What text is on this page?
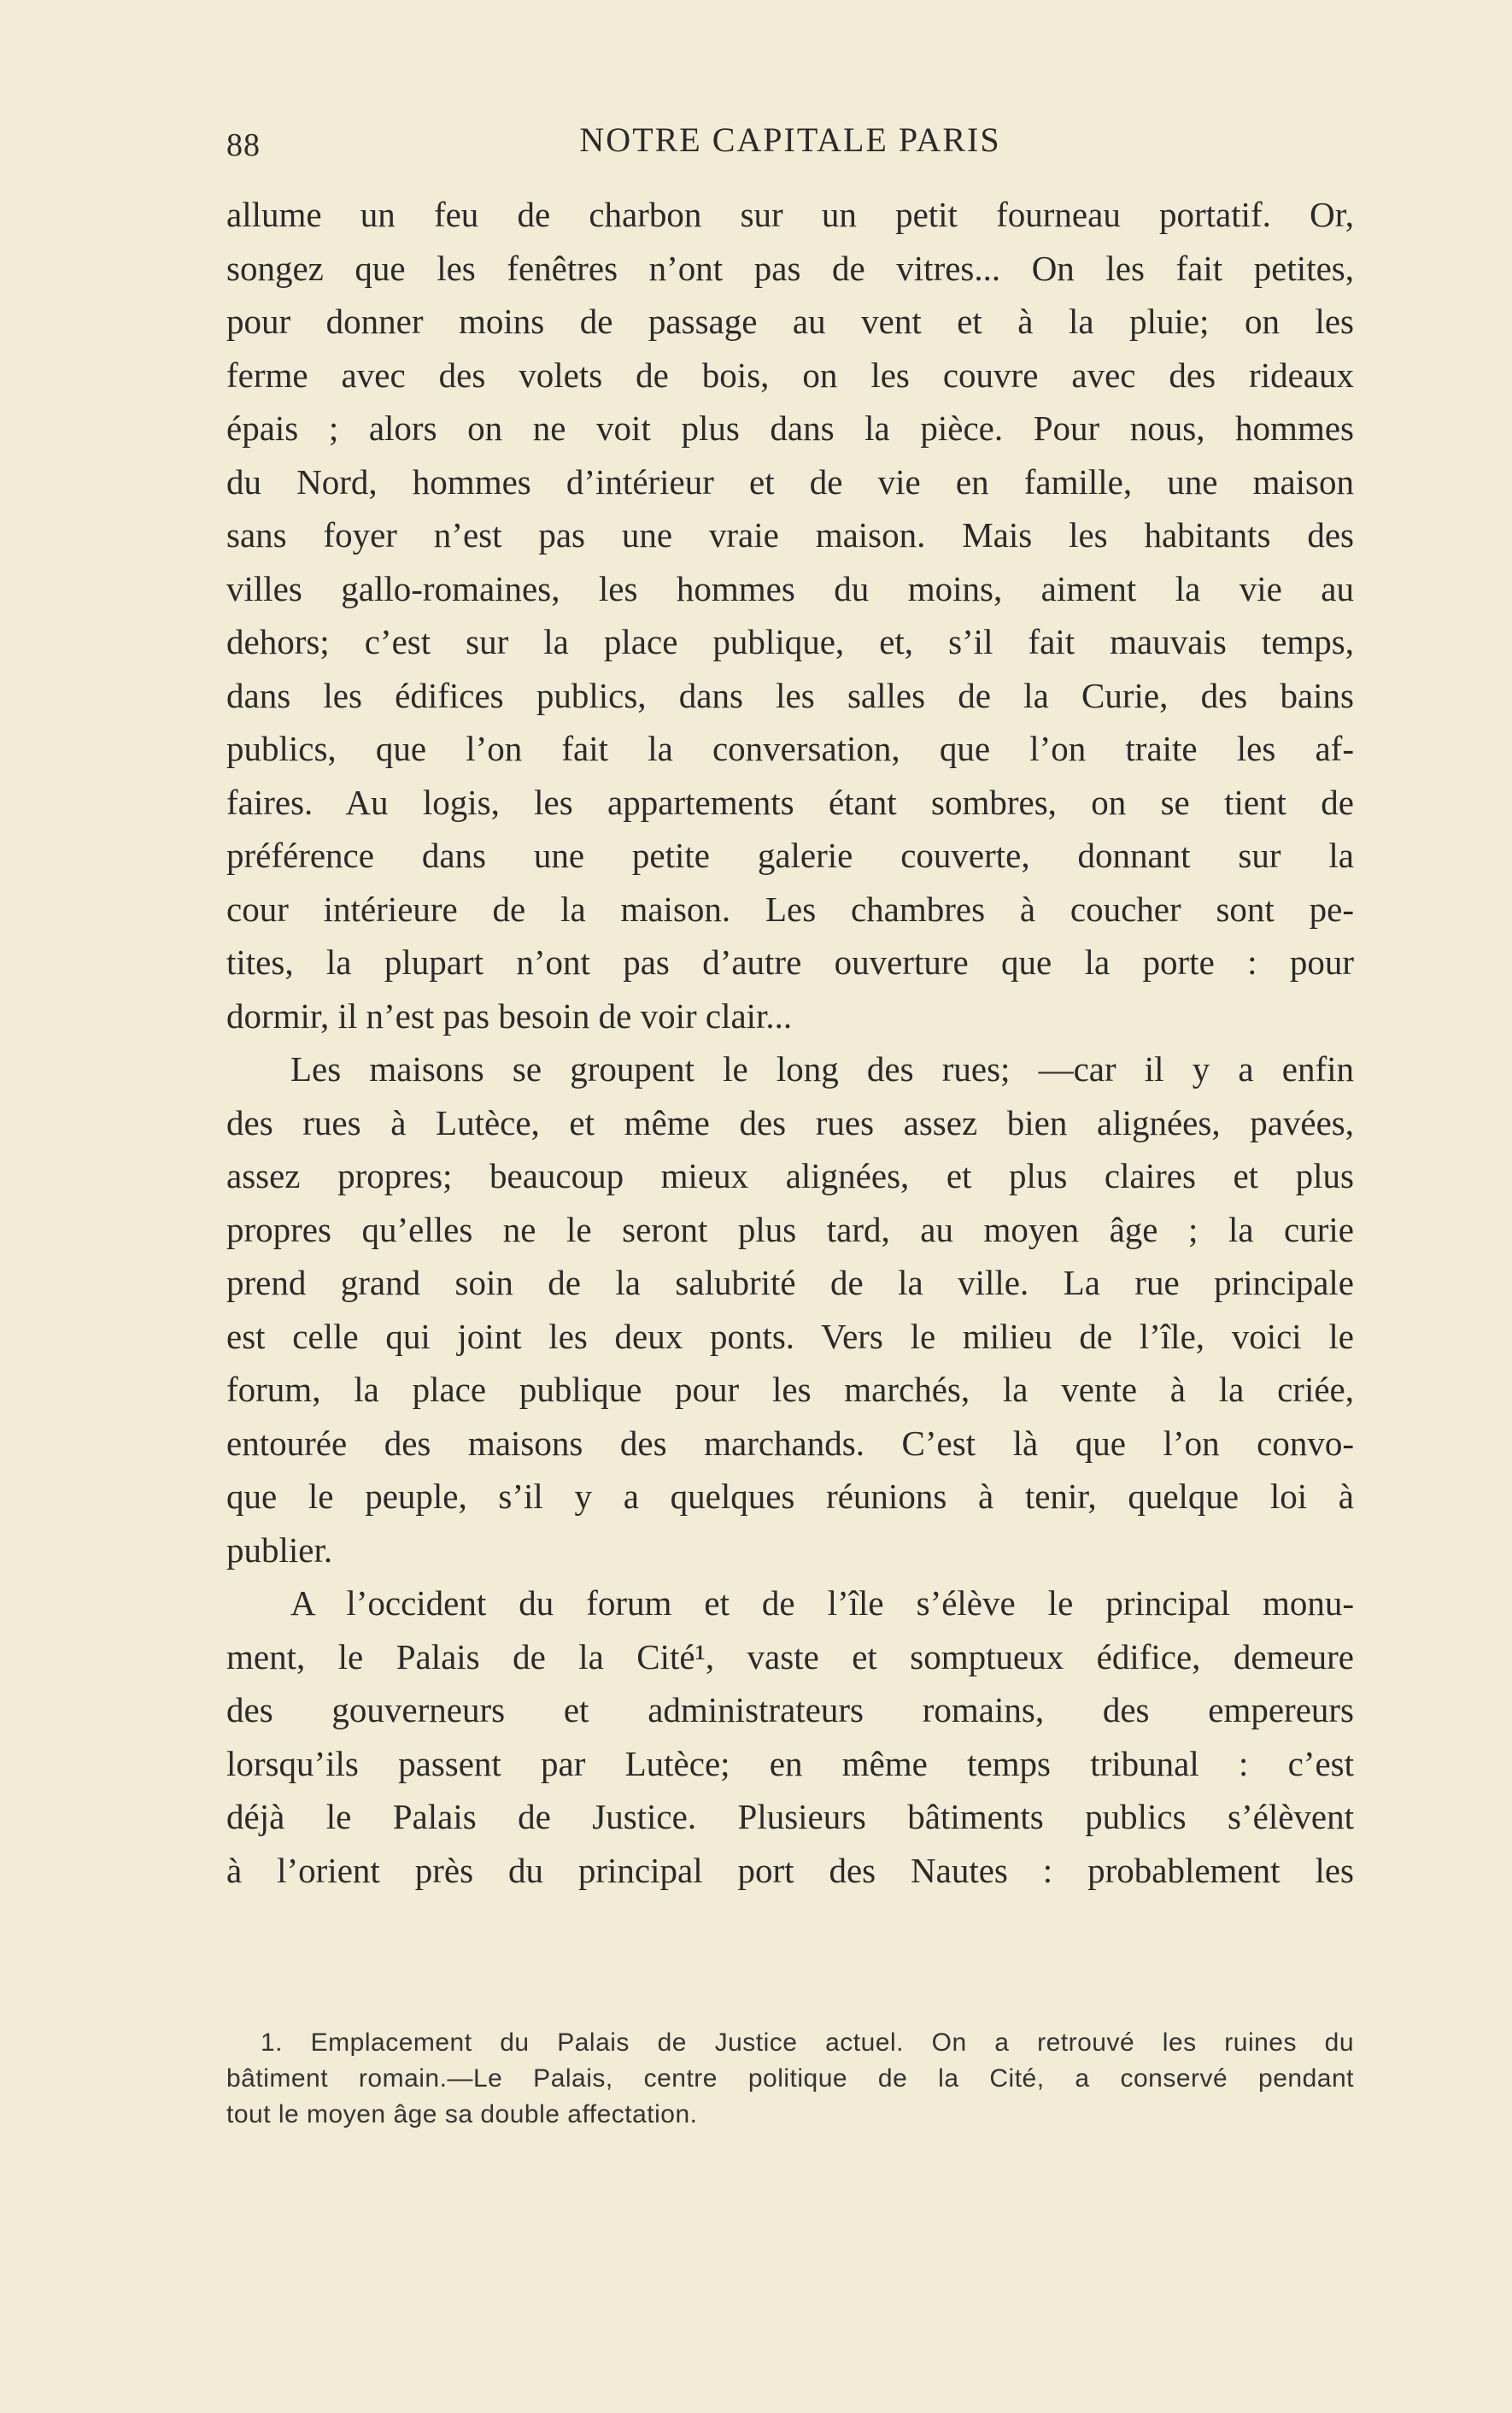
88	NOTRE CAPITALE PARIS
allume un feu de charbon sur un petit fourneau portatif. Or,
songez que les fenêtres n’ont pas de vitres... On les fait petites,
pour donner moins de passage au vent et à la pluie; on les
ferme avec des volets de bois, on les couvre avec des rideaux
épais ; alors on ne voit plus dans la pièce. Pour nous, hommes
du Nord, hommes d’intérieur et de vie en famille, une maison
sans foyer n’est pas une vraie maison. Mais les habitants des
villes gallo-romaines, les hommes du moins, aiment la vie au
dehors; c’est sur la place publique, et, s’il fait mauvais temps,
dans les édifices publics, dans les salles de la Curie, des bains
publics, que l’on fait la conversation, que l’on traite les af-
faires. Au logis, les appartements étant sombres, on se tient de
préférence dans une petite galerie couverte, donnant sur la
cour intérieure de la maison. Les chambres à coucher sont pe-
tites, la plupart n’ont pas d’autre ouverture que la porte : pour
dormir, il n’est pas besoin de voir clair...
Les maisons se groupent le long des rues; —car il y a enfin
des rues à Lutèce, et même des rues assez bien alignées, pavées,
assez propres; beaucoup mieux alignées, et plus claires et plus
propres qu’elles ne le seront plus tard, au moyen âge ; la curie
prend grand soin de la salubrité de la ville. La rue principale
est celle qui joint les deux ponts. Vers le milieu de l’île, voici le
forum, la place publique pour les marchés, la vente à la criée,
entourée des maisons des marchands. C’est là que l’on convo-
que le peuple, s’il y a quelques réunions à tenir, quelque loi à
publier.
A l’occident du forum et de l’île s’élève le principal monu-
ment, le Palais de la Cité¹, vaste et somptueux édifice, demeure
des gouverneurs et administrateurs romains, des empereurs
lorsqu’ils passent par Lutèce; en même temps tribunal : c’est
déjà le Palais de Justice. Plusieurs bâtiments publics s’élèvent
à l’orient près du principal port des Nautes : probablement les
1. Emplacement du Palais de Justice actuel. On a retrouvé les ruines du
bâtiment romain.—Le Palais, centre politique de la Cité, a conservé pendant
tout le moyen âge sa double affectation.
